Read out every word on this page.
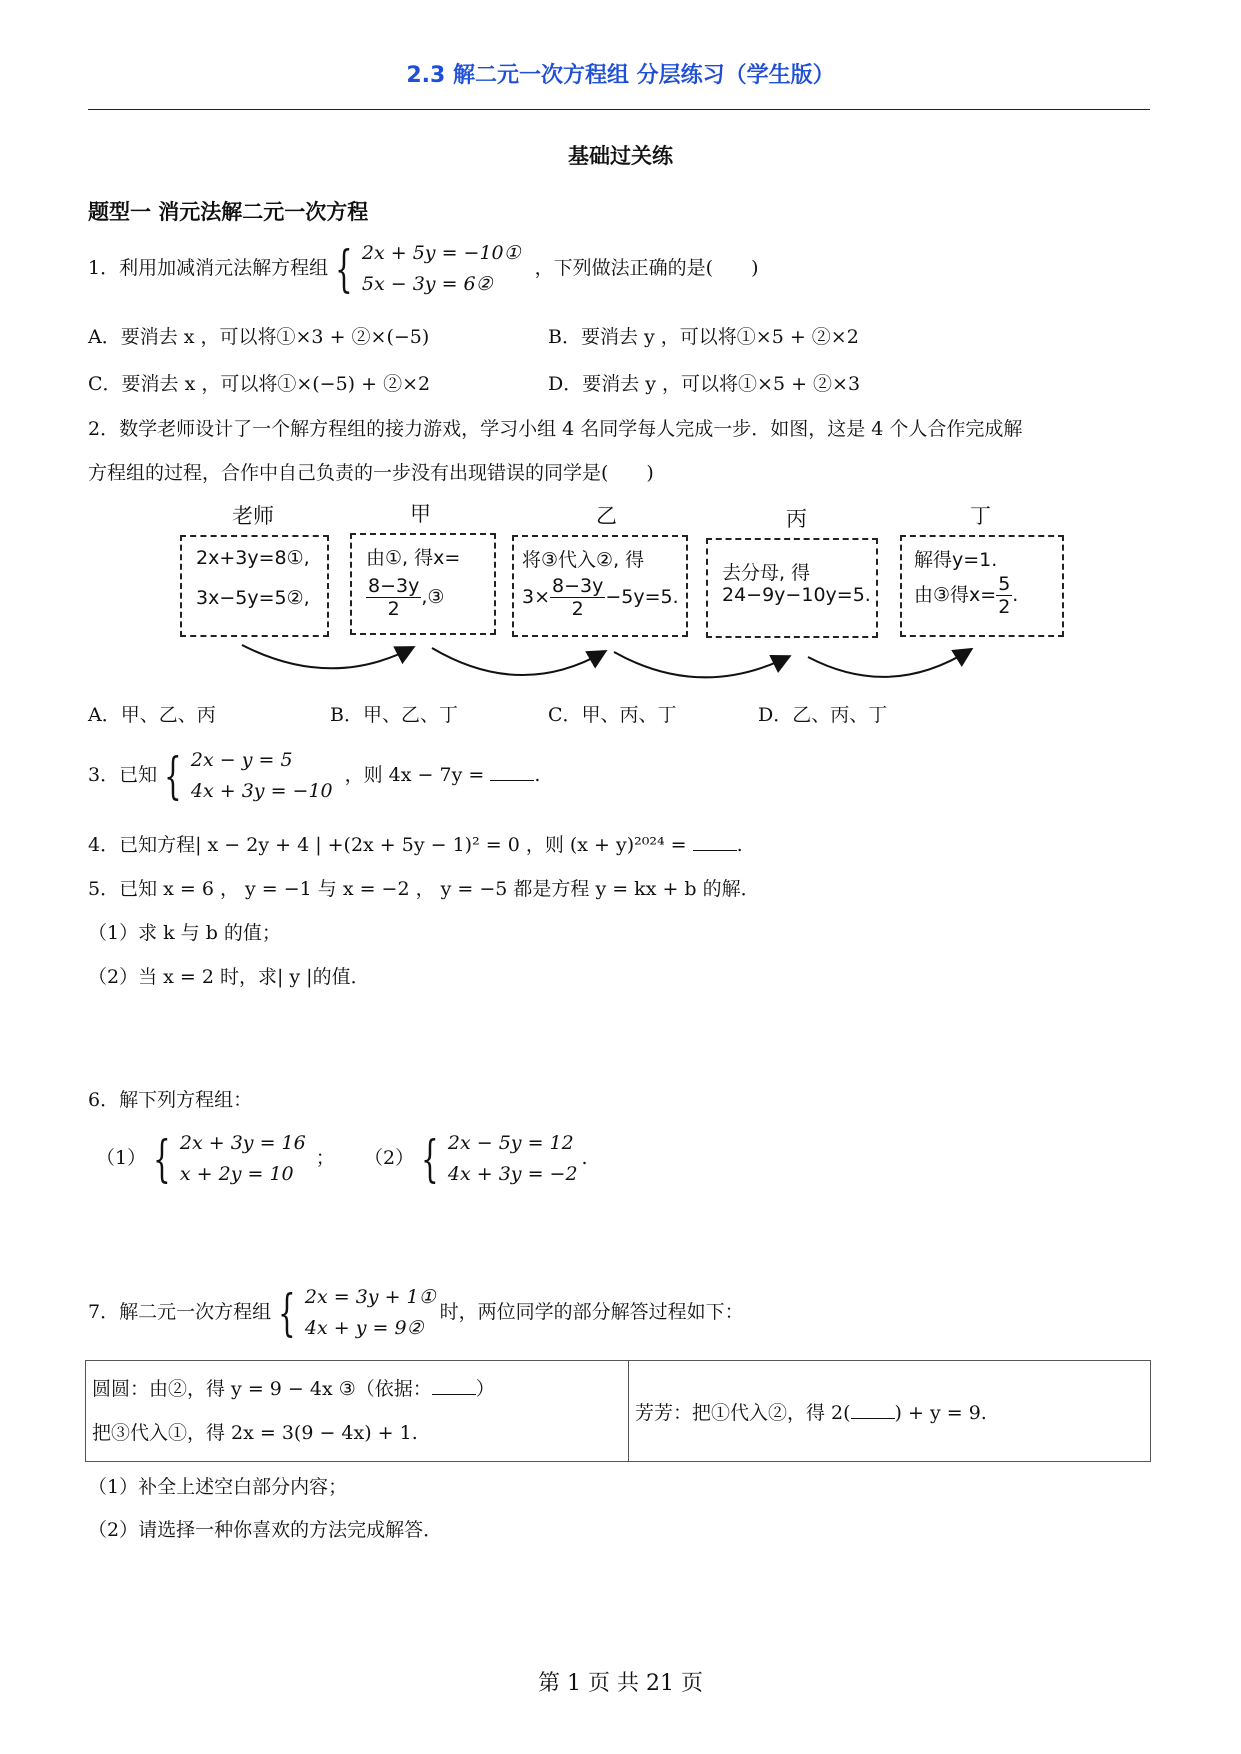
2.3 解二元一次方程组 分层练习（学生版）
基础过关练
题型一 消元法解二元一次方程
1．利用加减消元法解方程组 { 2x + 5y = −10①
5x − 3y = 6②
，下列做法正确的是(　　)
A．要消去 x ，可以将①×3 + ②×(−5)	B．要消去 y ，可以将①×5 + ②×2
C．要消去 x ，可以将①×(−5) + ②×2	D．要消去 y ，可以将①×5 + ②×3
2．数学老师设计了一个解方程组的接力游戏，学习小组 4 名同学每人完成一步．如图，这是 4 个人合作完成解
方程组的过程，合作中自己负责的一步没有出现错误的同学是(　　)
老师	甲	乙	丙	丁
2x+3y=8①,
3x−5y=5②,
由①, 得x=
$\frac{8-3y}{2}$ ,③
将③代入②, 得
$3\times \frac{8-3y}{2} -5y=5$.
去分母, 得
24−9y−10y=5.
解得y=1.
由③得$x= \frac{5}{2}$ .
A．甲、乙、丙	B．甲、乙、丁	C．甲、丙、丁	D．乙、丙、丁
3．已知 { 2x − y = 5
4x + 3y = −10
，则 4x − 7y =	.
4．已知方程| x − 2y + 4 | +(2x + 5y − 1)² = 0 ，则 (x + y)²⁰²⁴ =	.
5．已知 x = 6 ， y = −1 与 x = −2 ， y = −5 都是方程 y = kx + b 的解．
（1）求 k 与 b 的值；
（2）当 x = 2 时，求| y |的值．
6．解下列方程组：
（1） { 2x + 3y = 16
x + 2y = 10
； （2） { 2x − 5y = 12
4x + 3y = −2
.
7．解二元一次方程组 { 2x = 3y + 1①
4x + y = 9②
时，两位同学的部分解答过程如下：
圆圆：由②，得 y = 9 − 4x ③（依据： ）
把③代入①，得 2x = 3(9 − 4x) + 1.

芳芳：把①代入②，得 2( ) + y = 9.
（1）补全上述空白部分内容；
（2）请选择一种你喜欢的方法完成解答．
第 1 页 共 21 页
